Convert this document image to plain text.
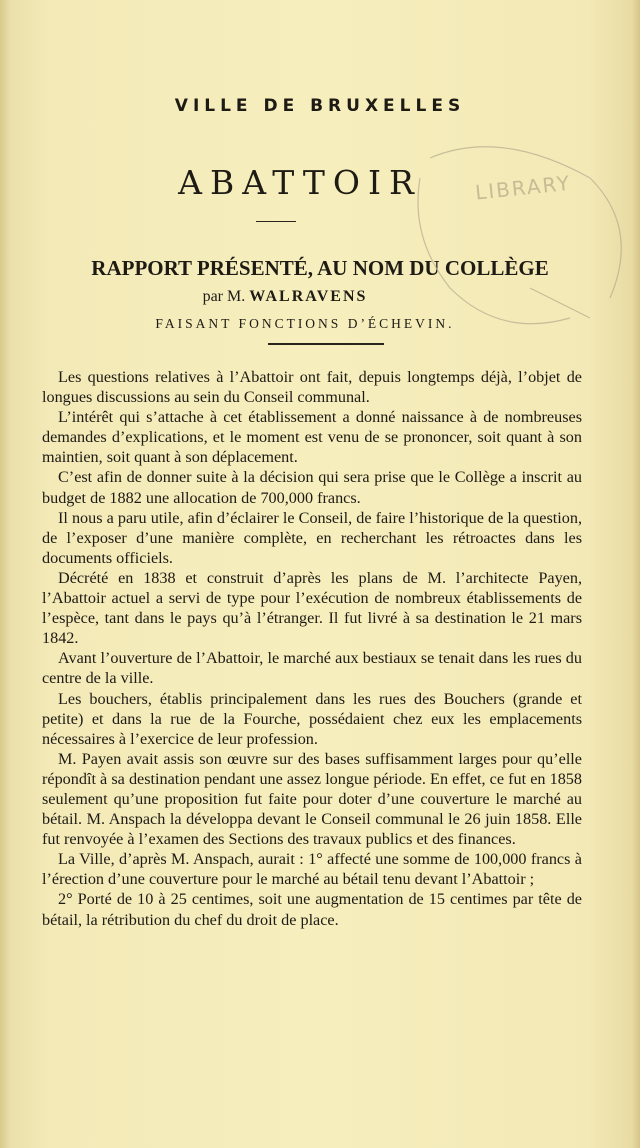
VILLE DE BRUXELLES
ABATTOIR
RAPPORT PRÉSENTÉ, AU NOM DU COLLÈGE
par M. WALRAVENS
FAISANT FONCTIONS D’ÉCHEVIN.
LIBRARY

Les questions relatives à l’Abattoir ont fait, depuis longtemps déjà, l’objet de longues discussions au sein du Conseil communal.

L’intérêt qui s’attache à cet établissement a donné naissance à de nombreuses demandes d’explications, et le moment est venu de se prononcer, soit quant à son maintien, soit quant à son déplacement.

C’est afin de donner suite à la décision qui sera prise que le Collège a inscrit au budget de 1882 une allocation de 700,000 francs.

Il nous a paru utile, afin d’éclairer le Conseil, de faire l’historique de la question, de l’exposer d’une manière complète, en recherchant les rétroactes dans les documents officiels.

Décrété en 1838 et construit d’après les plans de M. l’architecte Payen, l’Abattoir actuel a servi de type pour l’exécution de nombreux établissements de l’espèce, tant dans le pays qu’à l’étranger. Il fut livré à sa destination le 21 mars 1842.

Avant l’ouverture de l’Abattoir, le marché aux bestiaux se tenait dans les rues du centre de la ville.

Les bouchers, établis principalement dans les rues des Bouchers (grande et petite) et dans la rue de la Fourche, possédaient chez eux les emplacements nécessaires à l’exercice de leur profession.

M. Payen avait assis son œuvre sur des bases suffisamment larges pour qu’elle répondît à sa destination pendant une assez longue période. En effet, ce fut en 1858 seulement qu’une proposition fut faite pour doter d’une couverture le marché au bétail. M. Anspach la développa devant le Conseil communal le 26 juin 1858. Elle fut renvoyée à l’examen des Sections des travaux publics et des finances.

La Ville, d’après M. Anspach, aurait : 1° affecté une somme de 100,000 francs à l’érection d’une couverture pour le marché au bétail tenu devant l’Abattoir ;

2° Porté de 10 à 25 centimes, soit une augmentation de 15 centimes par tête de bétail, la rétribution du chef du droit de place.
